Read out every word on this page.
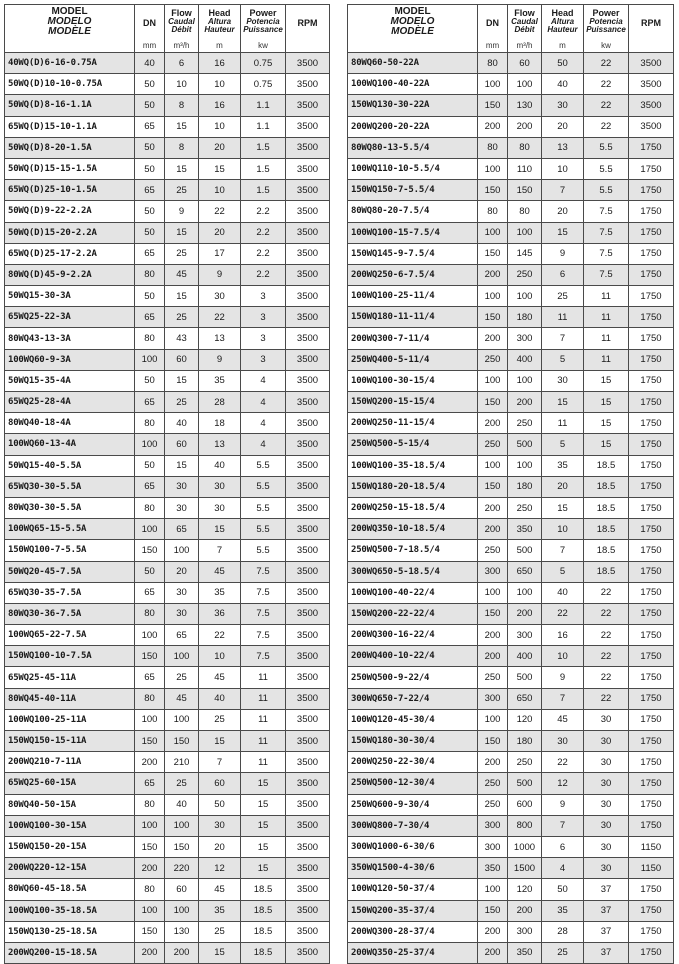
MODEL
MODELO
MODÈLE	DN	Flow
Caudal
Débit	Head
Altura
Hauteur	Power
Potencia
Puissance	RPM
	mm	m³/h	m	kw	
40WQ(D)6-16-0.75A	40	6	16	0.75	3500
50WQ(D)10-10-0.75A	50	10	10	0.75	3500
50WQ(D)8-16-1.1A	50	8	16	1.1	3500
65WQ(D)15-10-1.1A	65	15	10	1.1	3500
50WQ(D)8-20-1.5A	50	8	20	1.5	3500
50WQ(D)15-15-1.5A	50	15	15	1.5	3500
65WQ(D)25-10-1.5A	65	25	10	1.5	3500
50WQ(D)9-22-2.2A	50	9	22	2.2	3500
50WQ(D)15-20-2.2A	50	15	20	2.2	3500
65WQ(D)25-17-2.2A	65	25	17	2.2	3500
80WQ(D)45-9-2.2A	80	45	9	2.2	3500
50WQ15-30-3A	50	15	30	3	3500
65WQ25-22-3A	65	25	22	3	3500
80WQ43-13-3A	80	43	13	3	3500
100WQ60-9-3A	100	60	9	3	3500
50WQ15-35-4A	50	15	35	4	3500
65WQ25-28-4A	65	25	28	4	3500
80WQ40-18-4A	80	40	18	4	3500
100WQ60-13-4A	100	60	13	4	3500
50WQ15-40-5.5A	50	15	40	5.5	3500
65WQ30-30-5.5A	65	30	30	5.5	3500
80WQ30-30-5.5A	80	30	30	5.5	3500
100WQ65-15-5.5A	100	65	15	5.5	3500
150WQ100-7-5.5A	150	100	7	5.5	3500
50WQ20-45-7.5A	50	20	45	7.5	3500
65WQ30-35-7.5A	65	30	35	7.5	3500
80WQ30-36-7.5A	80	30	36	7.5	3500
100WQ65-22-7.5A	100	65	22	7.5	3500
150WQ100-10-7.5A	150	100	10	7.5	3500
65WQ25-45-11A	65	25	45	11	3500
80WQ45-40-11A	80	45	40	11	3500
100WQ100-25-11A	100	100	25	11	3500
150WQ150-15-11A	150	150	15	11	3500
200WQ210-7-11A	200	210	7	11	3500
65WQ25-60-15A	65	25	60	15	3500
80WQ40-50-15A	80	40	50	15	3500
100WQ100-30-15A	100	100	30	15	3500
150WQ150-20-15A	150	150	20	15	3500
200WQ220-12-15A	200	220	12	15	3500
80WQ60-45-18.5A	80	60	45	18.5	3500
100WQ100-35-18.5A	100	100	35	18.5	3500
150WQ130-25-18.5A	150	130	25	18.5	3500
200WQ200-15-18.5A	200	200	15	18.5	3500
MODEL
MODELO
MODÈLE	DN	Flow
Caudal
Débit	Head
Altura
Hauteur	Power
Potencia
Puissance	RPM
	mm	m³/h	m	kw	
80WQ60-50-22A	80	60	50	22	3500
100WQ100-40-22A	100	100	40	22	3500
150WQ130-30-22A	150	130	30	22	3500
200WQ200-20-22A	200	200	20	22	3500
80WQ80-13-5.5/4	80	80	13	5.5	1750
100WQ110-10-5.5/4	100	110	10	5.5	1750
150WQ150-7-5.5/4	150	150	7	5.5	1750
80WQ80-20-7.5/4	80	80	20	7.5	1750
100WQ100-15-7.5/4	100	100	15	7.5	1750
150WQ145-9-7.5/4	150	145	9	7.5	1750
200WQ250-6-7.5/4	200	250	6	7.5	1750
100WQ100-25-11/4	100	100	25	11	1750
150WQ180-11-11/4	150	180	11	11	1750
200WQ300-7-11/4	200	300	7	11	1750
250WQ400-5-11/4	250	400	5	11	1750
100WQ100-30-15/4	100	100	30	15	1750
150WQ200-15-15/4	150	200	15	15	1750
200WQ250-11-15/4	200	250	11	15	1750
250WQ500-5-15/4	250	500	5	15	1750
100WQ100-35-18.5/4	100	100	35	18.5	1750
150WQ180-20-18.5/4	150	180	20	18.5	1750
200WQ250-15-18.5/4	200	250	15	18.5	1750
200WQ350-10-18.5/4	200	350	10	18.5	1750
250WQ500-7-18.5/4	250	500	7	18.5	1750
300WQ650-5-18.5/4	300	650	5	18.5	1750
100WQ100-40-22/4	100	100	40	22	1750
150WQ200-22-22/4	150	200	22	22	1750
200WQ300-16-22/4	200	300	16	22	1750
200WQ400-10-22/4	200	400	10	22	1750
250WQ500-9-22/4	250	500	9	22	1750
300WQ650-7-22/4	300	650	7	22	1750
100WQ120-45-30/4	100	120	45	30	1750
150WQ180-30-30/4	150	180	30	30	1750
200WQ250-22-30/4	200	250	22	30	1750
250WQ500-12-30/4	250	500	12	30	1750
250WQ600-9-30/4	250	600	9	30	1750
300WQ800-7-30/4	300	800	7	30	1750
300WQ1000-6-30/6	300	1000	6	30	1150
350WQ1500-4-30/6	350	1500	4	30	1150
100WQ120-50-37/4	100	120	50	37	1750
150WQ200-35-37/4	150	200	35	37	1750
200WQ300-28-37/4	200	300	28	37	1750
200WQ350-25-37/4	200	350	25	37	1750
